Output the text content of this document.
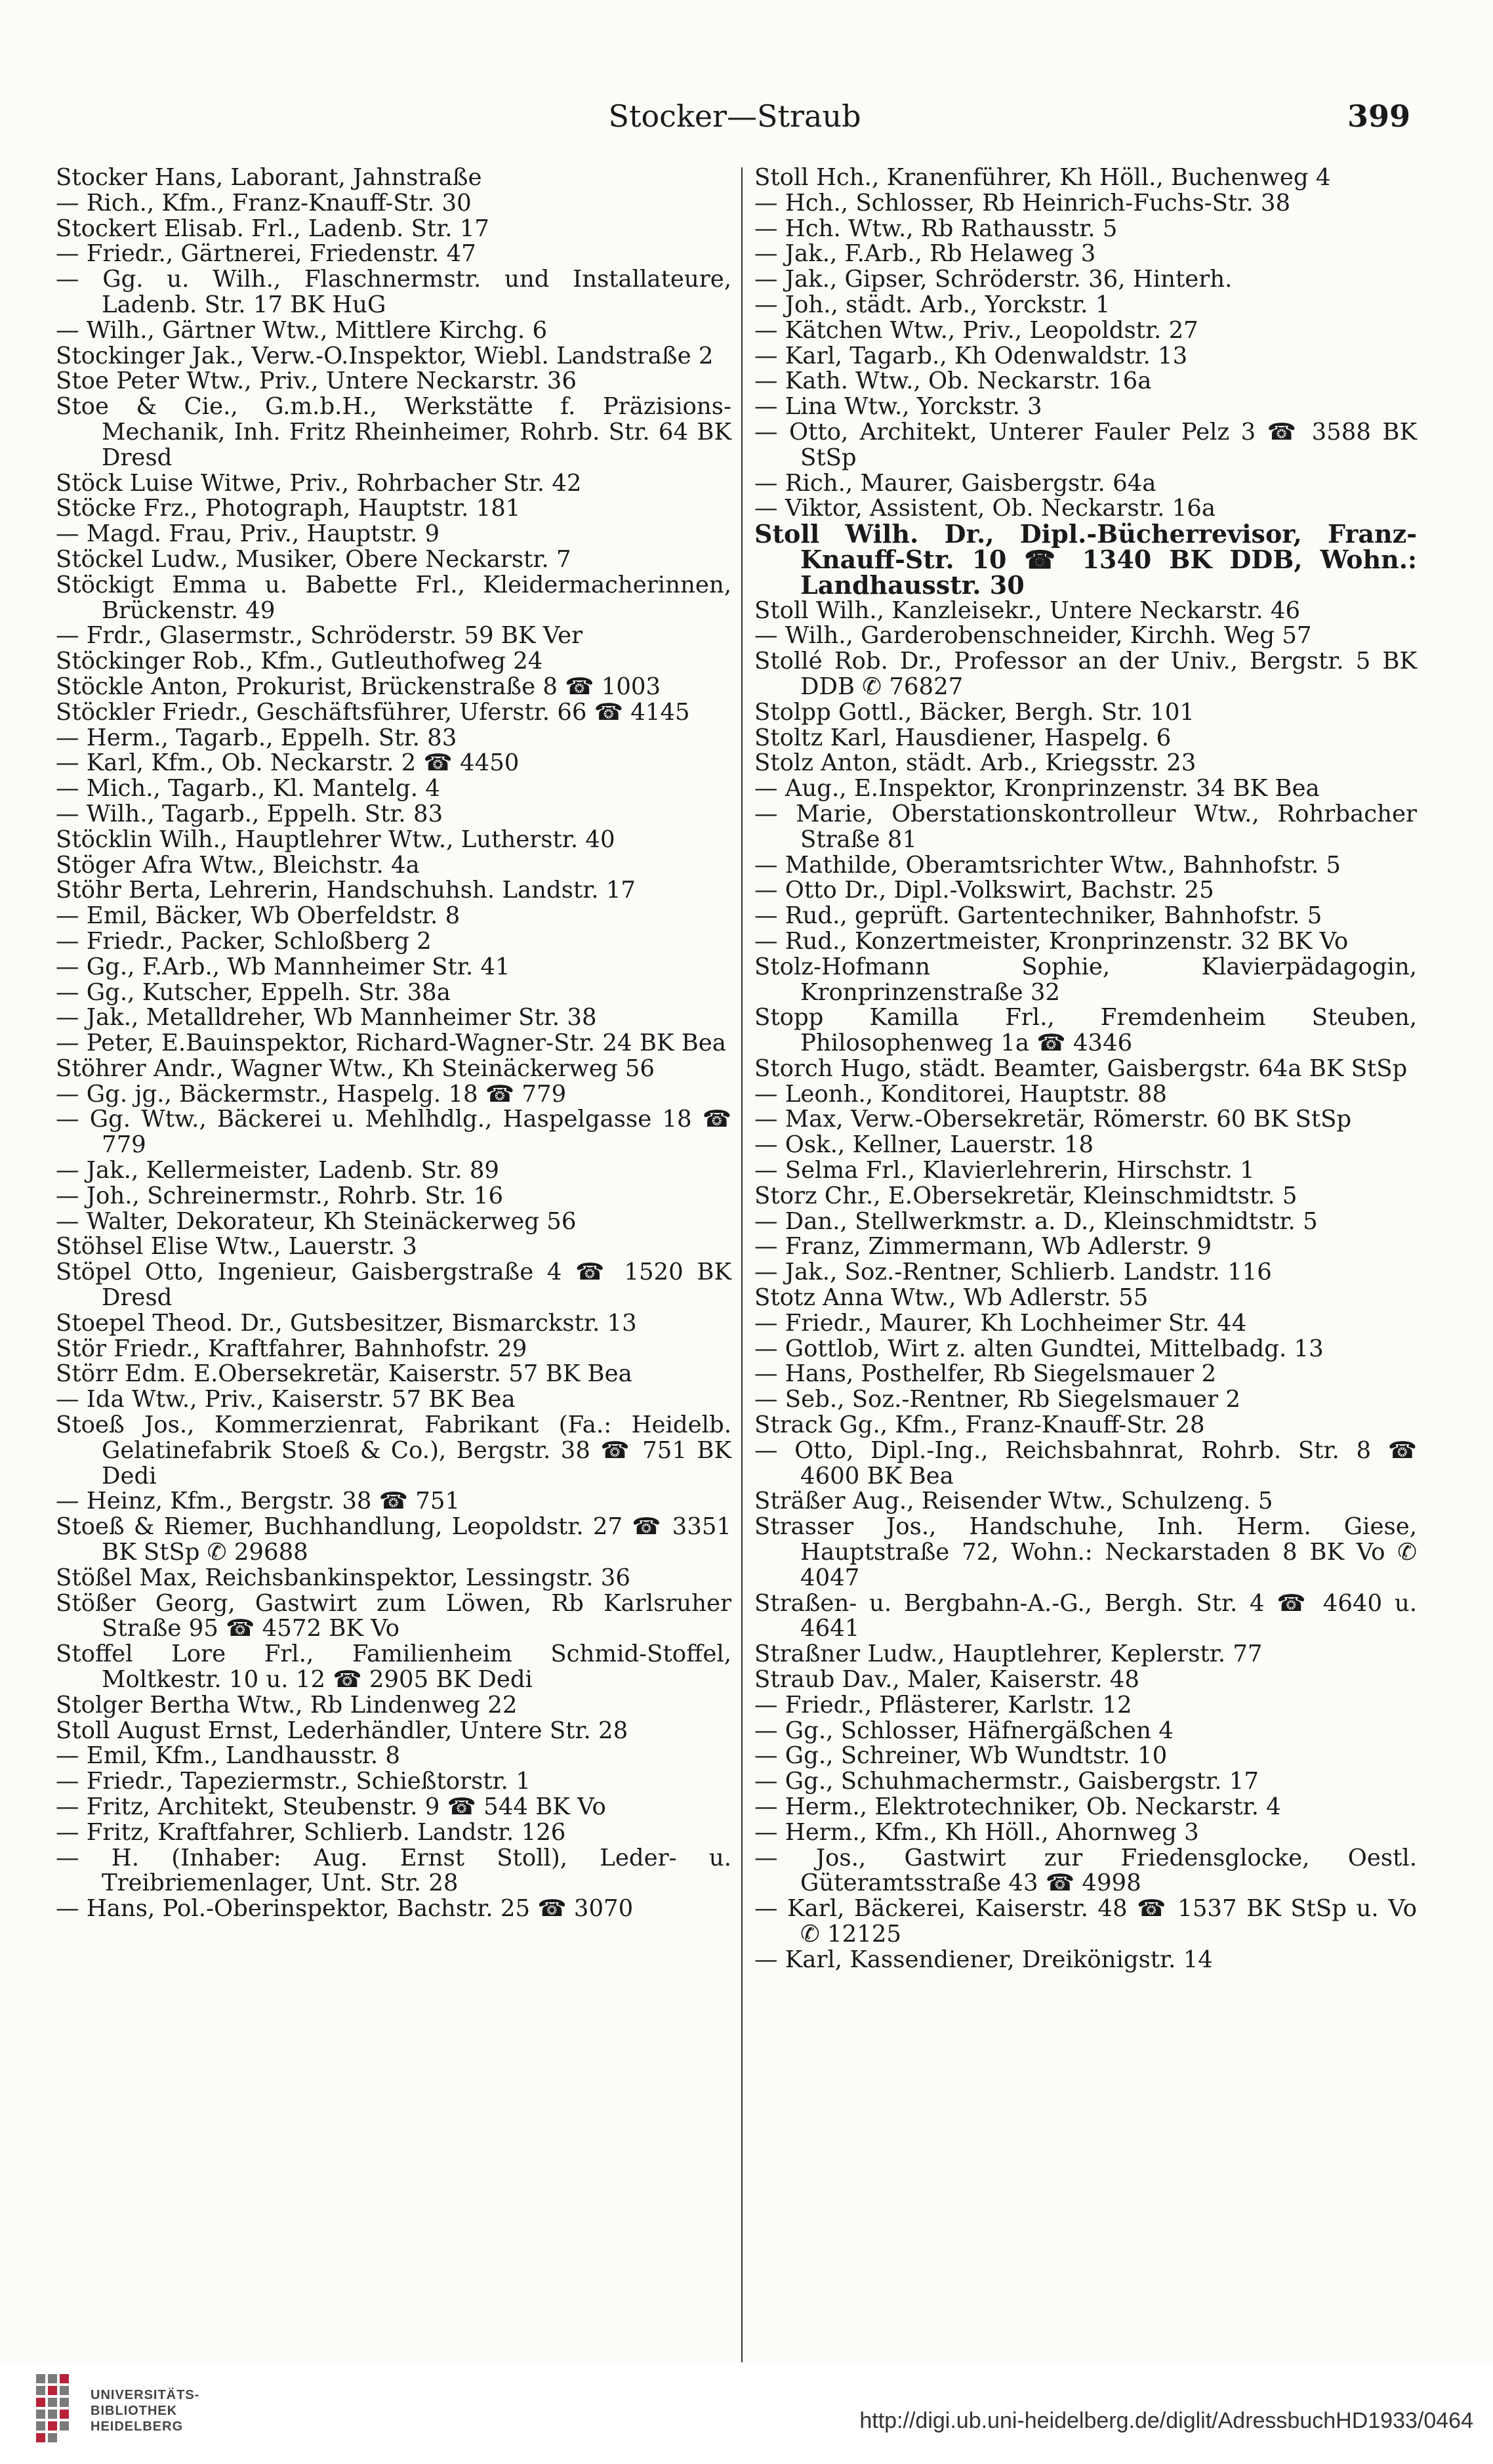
Stocker—Straub	399

Stocker Hans, Laborant, Jahnstraße

— Rich., Kfm., Franz-Knauff-Str. 30

Stockert Elisab. Frl., Ladenb. Str. 17

— Friedr., Gärtnerei, Friedenstr. 47

— Gg. u. Wilh., Flaschnermstr. und Installateure, Ladenb. Str. 17 BK HuG

— Wilh., Gärtner Wtw., Mittlere Kirchg. 6

Stockinger Jak., Verw.-O.Inspektor, Wiebl. Landstraße 2

Stoe Peter Wtw., Priv., Untere Neckarstr. 36

Stoe & Cie., G.m.b.H., Werkstätte f. Präzisions-Mechanik, Inh. Fritz Rheinheimer, Rohrb. Str. 64 BK Dresd

Stöck Luise Witwe, Priv., Rohrbacher Str. 42

Stöcke Frz., Photograph, Hauptstr. 181

— Magd. Frau, Priv., Hauptstr. 9

Stöckel Ludw., Musiker, Obere Neckarstr. 7

Stöckigt Emma u. Babette Frl., Kleidermacherinnen, Brückenstr. 49

— Frdr., Glasermstr., Schröderstr. 59 BK Ver

Stöckinger Rob., Kfm., Gutleuthofweg 24

Stöckle Anton, Prokurist, Brückenstraße 8 ☎ 1003

Stöckler Friedr., Geschäftsführer, Uferstr. 66 ☎ 4145

— Herm., Tagarb., Eppelh. Str. 83

— Karl, Kfm., Ob. Neckarstr. 2 ☎ 4450

— Mich., Tagarb., Kl. Mantelg. 4

— Wilh., Tagarb., Eppelh. Str. 83

Stöcklin Wilh., Hauptlehrer Wtw., Lutherstr. 40

Stöger Afra Wtw., Bleichstr. 4a

Stöhr Berta, Lehrerin, Handschuhsh. Landstr. 17

— Emil, Bäcker, Wb Oberfeldstr. 8

— Friedr., Packer, Schloßberg 2

— Gg., F.Arb., Wb Mannheimer Str. 41

— Gg., Kutscher, Eppelh. Str. 38a

— Jak., Metalldreher, Wb Mannheimer Str. 38

— Peter, E.Bauinspektor, Richard-Wagner-Str. 24 BK Bea

Stöhrer Andr., Wagner Wtw., Kh Steinäckerweg 56

— Gg. jg., Bäckermstr., Haspelg. 18 ☎ 779

— Gg. Wtw., Bäckerei u. Mehlhdlg., Haspelgasse 18 ☎ 779

— Jak., Kellermeister, Ladenb. Str. 89

— Joh., Schreinermstr., Rohrb. Str. 16

— Walter, Dekorateur, Kh Steinäckerweg 56

Stöhsel Elise Wtw., Lauerstr. 3

Stöpel Otto, Ingenieur, Gaisbergstraße 4 ☎ 1520 BK Dresd

Stoepel Theod. Dr., Gutsbesitzer, Bismarckstr. 13

Stör Friedr., Kraftfahrer, Bahnhofstr. 29

Störr Edm. E.Obersekretär, Kaiserstr. 57 BK Bea

— Ida Wtw., Priv., Kaiserstr. 57 BK Bea

Stoeß Jos., Kommerzienrat, Fabrikant (Fa.: Heidelb. Gelatinefabrik Stoeß & Co.), Bergstr. 38 ☎ 751 BK Dedi

— Heinz, Kfm., Bergstr. 38 ☎ 751

Stoeß & Riemer, Buchhandlung, Leopoldstr. 27 ☎ 3351 BK StSp ✆ 29688

Stößel Max, Reichsbankinspektor, Lessingstr. 36

Stößer Georg, Gastwirt zum Löwen, Rb Karlsruher Straße 95 ☎ 4572 BK Vo

Stoffel Lore Frl., Familienheim Schmid-Stoffel, Moltkestr. 10 u. 12 ☎ 2905 BK Dedi

Stolger Bertha Wtw., Rb Lindenweg 22

Stoll August Ernst, Lederhändler, Untere Str. 28

— Emil, Kfm., Landhausstr. 8

— Friedr., Tapeziermstr., Schießtorstr. 1

— Fritz, Architekt, Steubenstr. 9 ☎ 544 BK Vo

— Fritz, Kraftfahrer, Schlierb. Landstr. 126

— H. (Inhaber: Aug. Ernst Stoll), Leder- u. Treibriemenlager, Unt. Str. 28

— Hans, Pol.-Oberinspektor, Bachstr. 25 ☎ 3070

Stoll Hch., Kranenführer, Kh Höll., Buchenweg 4

— Hch., Schlosser, Rb Heinrich-Fuchs-Str. 38

— Hch. Wtw., Rb Rathausstr. 5

— Jak., F.Arb., Rb Helaweg 3

— Jak., Gipser, Schröderstr. 36, Hinterh.

— Joh., städt. Arb., Yorckstr. 1

— Kätchen Wtw., Priv., Leopoldstr. 27

— Karl, Tagarb., Kh Odenwaldstr. 13

— Kath. Wtw., Ob. Neckarstr. 16a

— Lina Wtw., Yorckstr. 3

— Otto, Architekt, Unterer Fauler Pelz 3 ☎ 3588 BK StSp

— Rich., Maurer, Gaisbergstr. 64a

— Viktor, Assistent, Ob. Neckarstr. 16a

Stoll Wilh. Dr., Dipl.-Bücherrevisor, Franz-Knauff-Str. 10 ☎ 1340 BK DDB, Wohn.: Landhausstr. 30

Stoll Wilh., Kanzleisekr., Untere Neckarstr. 46

— Wilh., Garderobenschneider, Kirchh. Weg 57

Stollé Rob. Dr., Professor an der Univ., Bergstr. 5 BK DDB ✆ 76827

Stolpp Gottl., Bäcker, Bergh. Str. 101

Stoltz Karl, Hausdiener, Haspelg. 6

Stolz Anton, städt. Arb., Kriegsstr. 23

— Aug., E.Inspektor, Kronprinzenstr. 34 BK Bea

— Marie, Oberstationskontrolleur Wtw., Rohrbacher Straße 81

— Mathilde, Oberamtsrichter Wtw., Bahnhofstr. 5

— Otto Dr., Dipl.-Volkswirt, Bachstr. 25

— Rud., geprüft. Gartentechniker, Bahnhofstr. 5

— Rud., Konzertmeister, Kronprinzenstr. 32 BK Vo

Stolz-Hofmann Sophie, Klavierpädagogin, Kronprinzenstraße 32

Stopp Kamilla Frl., Fremdenheim Steuben, Philosophenweg 1a ☎ 4346

Storch Hugo, städt. Beamter, Gaisbergstr. 64a BK StSp

— Leonh., Konditorei, Hauptstr. 88

— Max, Verw.-Obersekretär, Römerstr. 60 BK StSp

— Osk., Kellner, Lauerstr. 18

— Selma Frl., Klavierlehrerin, Hirschstr. 1

Storz Chr., E.Obersekretär, Kleinschmidtstr. 5

— Dan., Stellwerkmstr. a. D., Kleinschmidtstr. 5

— Franz, Zimmermann, Wb Adlerstr. 9

— Jak., Soz.-Rentner, Schlierb. Landstr. 116

Stotz Anna Wtw., Wb Adlerstr. 55

— Friedr., Maurer, Kh Lochheimer Str. 44

— Gottlob, Wirt z. alten Gundtei, Mittelbadg. 13

— Hans, Posthelfer, Rb Siegelsmauer 2

— Seb., Soz.-Rentner, Rb Siegelsmauer 2

Strack Gg., Kfm., Franz-Knauff-Str. 28

— Otto, Dipl.-Ing., Reichsbahnrat, Rohrb. Str. 8 ☎ 4600 BK Bea

Sträßer Aug., Reisender Wtw., Schulzeng. 5

Strasser Jos., Handschuhe, Inh. Herm. Giese, Hauptstraße 72, Wohn.: Neckarstaden 8 BK Vo ✆ 4047

Straßen- u. Bergbahn-A.-G., Bergh. Str. 4 ☎ 4640 u. 4641

Straßner Ludw., Hauptlehrer, Keplerstr. 77

Straub Dav., Maler, Kaiserstr. 48

— Friedr., Pflästerer, Karlstr. 12

— Gg., Schlosser, Häfnergäßchen 4

— Gg., Schreiner, Wb Wundtstr. 10

— Gg., Schuhmachermstr., Gaisbergstr. 17

— Herm., Elektrotechniker, Ob. Neckarstr. 4

— Herm., Kfm., Kh Höll., Ahornweg 3

— Jos., Gastwirt zur Friedensglocke, Oestl. Güteramtsstraße 43 ☎ 4998

— Karl, Bäckerei, Kaiserstr. 48 ☎ 1537 BK StSp u. Vo ✆ 12125

— Karl, Kassendiener, Dreikönigstr. 14

UNIVERSITÄTS-
BIBLIOTHEK
HEIDELBERG	http://digi.ub.uni-heidelberg.de/diglit/AdressbuchHD1933/0464
